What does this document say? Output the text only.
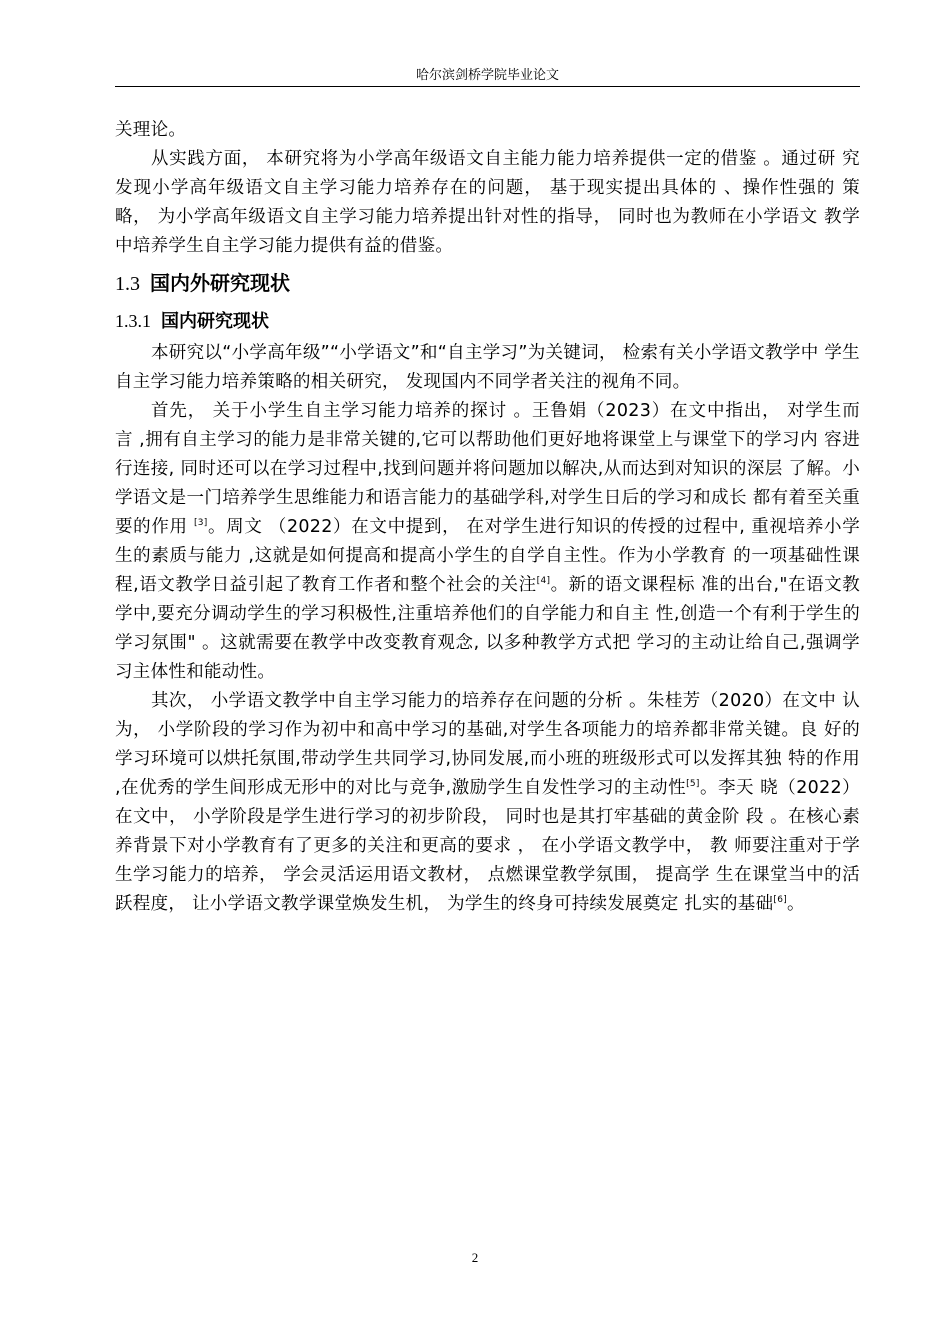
哈尔滨剑桥学院毕业论文

关理论。

从实践方面， 本研究将为小学高年级语文自主能力能力培养提供一定的借鉴 。通过研 究发现小学高年级语文自主学习能力培养存在的问题， 基于现实提出具体的 、操作性强的 策略， 为小学高年级语文自主学习能力培养提出针对性的指导， 同时也为教师在小学语文 教学中培养学生自主学习能力提供有益的借鉴。

1.3 国内外研究现状
1.3.1 国内研究现状

本研究以“小学高年级”“小学语文”和“自主学习”为关键词， 检索有关小学语文教学中 学生自主学习能力培养策略的相关研究， 发现国内不同学者关注的视角不同。

首先， 关于小学生自主学习能力培养的探讨 。王鲁娟（2023）在文中指出， 对学生而 言 ,拥有自主学习的能力是非常关键的,它可以帮助他们更好地将课堂上与课堂下的学习内 容进行连接, 同时还可以在学习过程中,找到问题并将问题加以解决,从而达到对知识的深层 了解。小学语文是一门培养学生思维能力和语言能力的基础学科,对学生日后的学习和成长 都有着至关重要的作用 [3]。周文 （2022）在文中提到， 在对学生进行知识的传授的过程中, 重视培养小学生的素质与能力 ,这就是如何提高和提高小学生的自学自主性。作为小学教育 的一项基础性课程,语文教学日益引起了教育工作者和整个社会的关注[4]。新的语文课程标 准的出台,"在语文教学中,要充分调动学生的学习积极性,注重培养他们的自学能力和自主 性,创造一个有利于学生的学习氛围" 。这就需要在教学中改变教育观念, 以多种教学方式把 学习的主动让给自己,强调学习主体性和能动性。

其次， 小学语文教学中自主学习能力的培养存在问题的分析 。朱桂芳（2020）在文中 认为， 小学阶段的学习作为初中和高中学习的基础,对学生各项能力的培养都非常关键。良 好的学习环境可以烘托氛围,带动学生共同学习,协同发展,而小班的班级形式可以发挥其独 特的作用 ,在优秀的学生间形成无形中的对比与竞争,激励学生自发性学习的主动性[5]。李天 晓（2022）在文中， 小学阶段是学生进行学习的初步阶段， 同时也是其打牢基础的黄金阶 段 。在核心素养背景下对小学教育有了更多的关注和更高的要求 ， 在小学语文教学中， 教 师要注重对于学生学习能力的培养， 学会灵活运用语文教材， 点燃课堂教学氛围， 提高学 生在课堂当中的活跃程度， 让小学语文教学课堂焕发生机， 为学生的终身可持续发展奠定 扎实的基础[6]。

2
